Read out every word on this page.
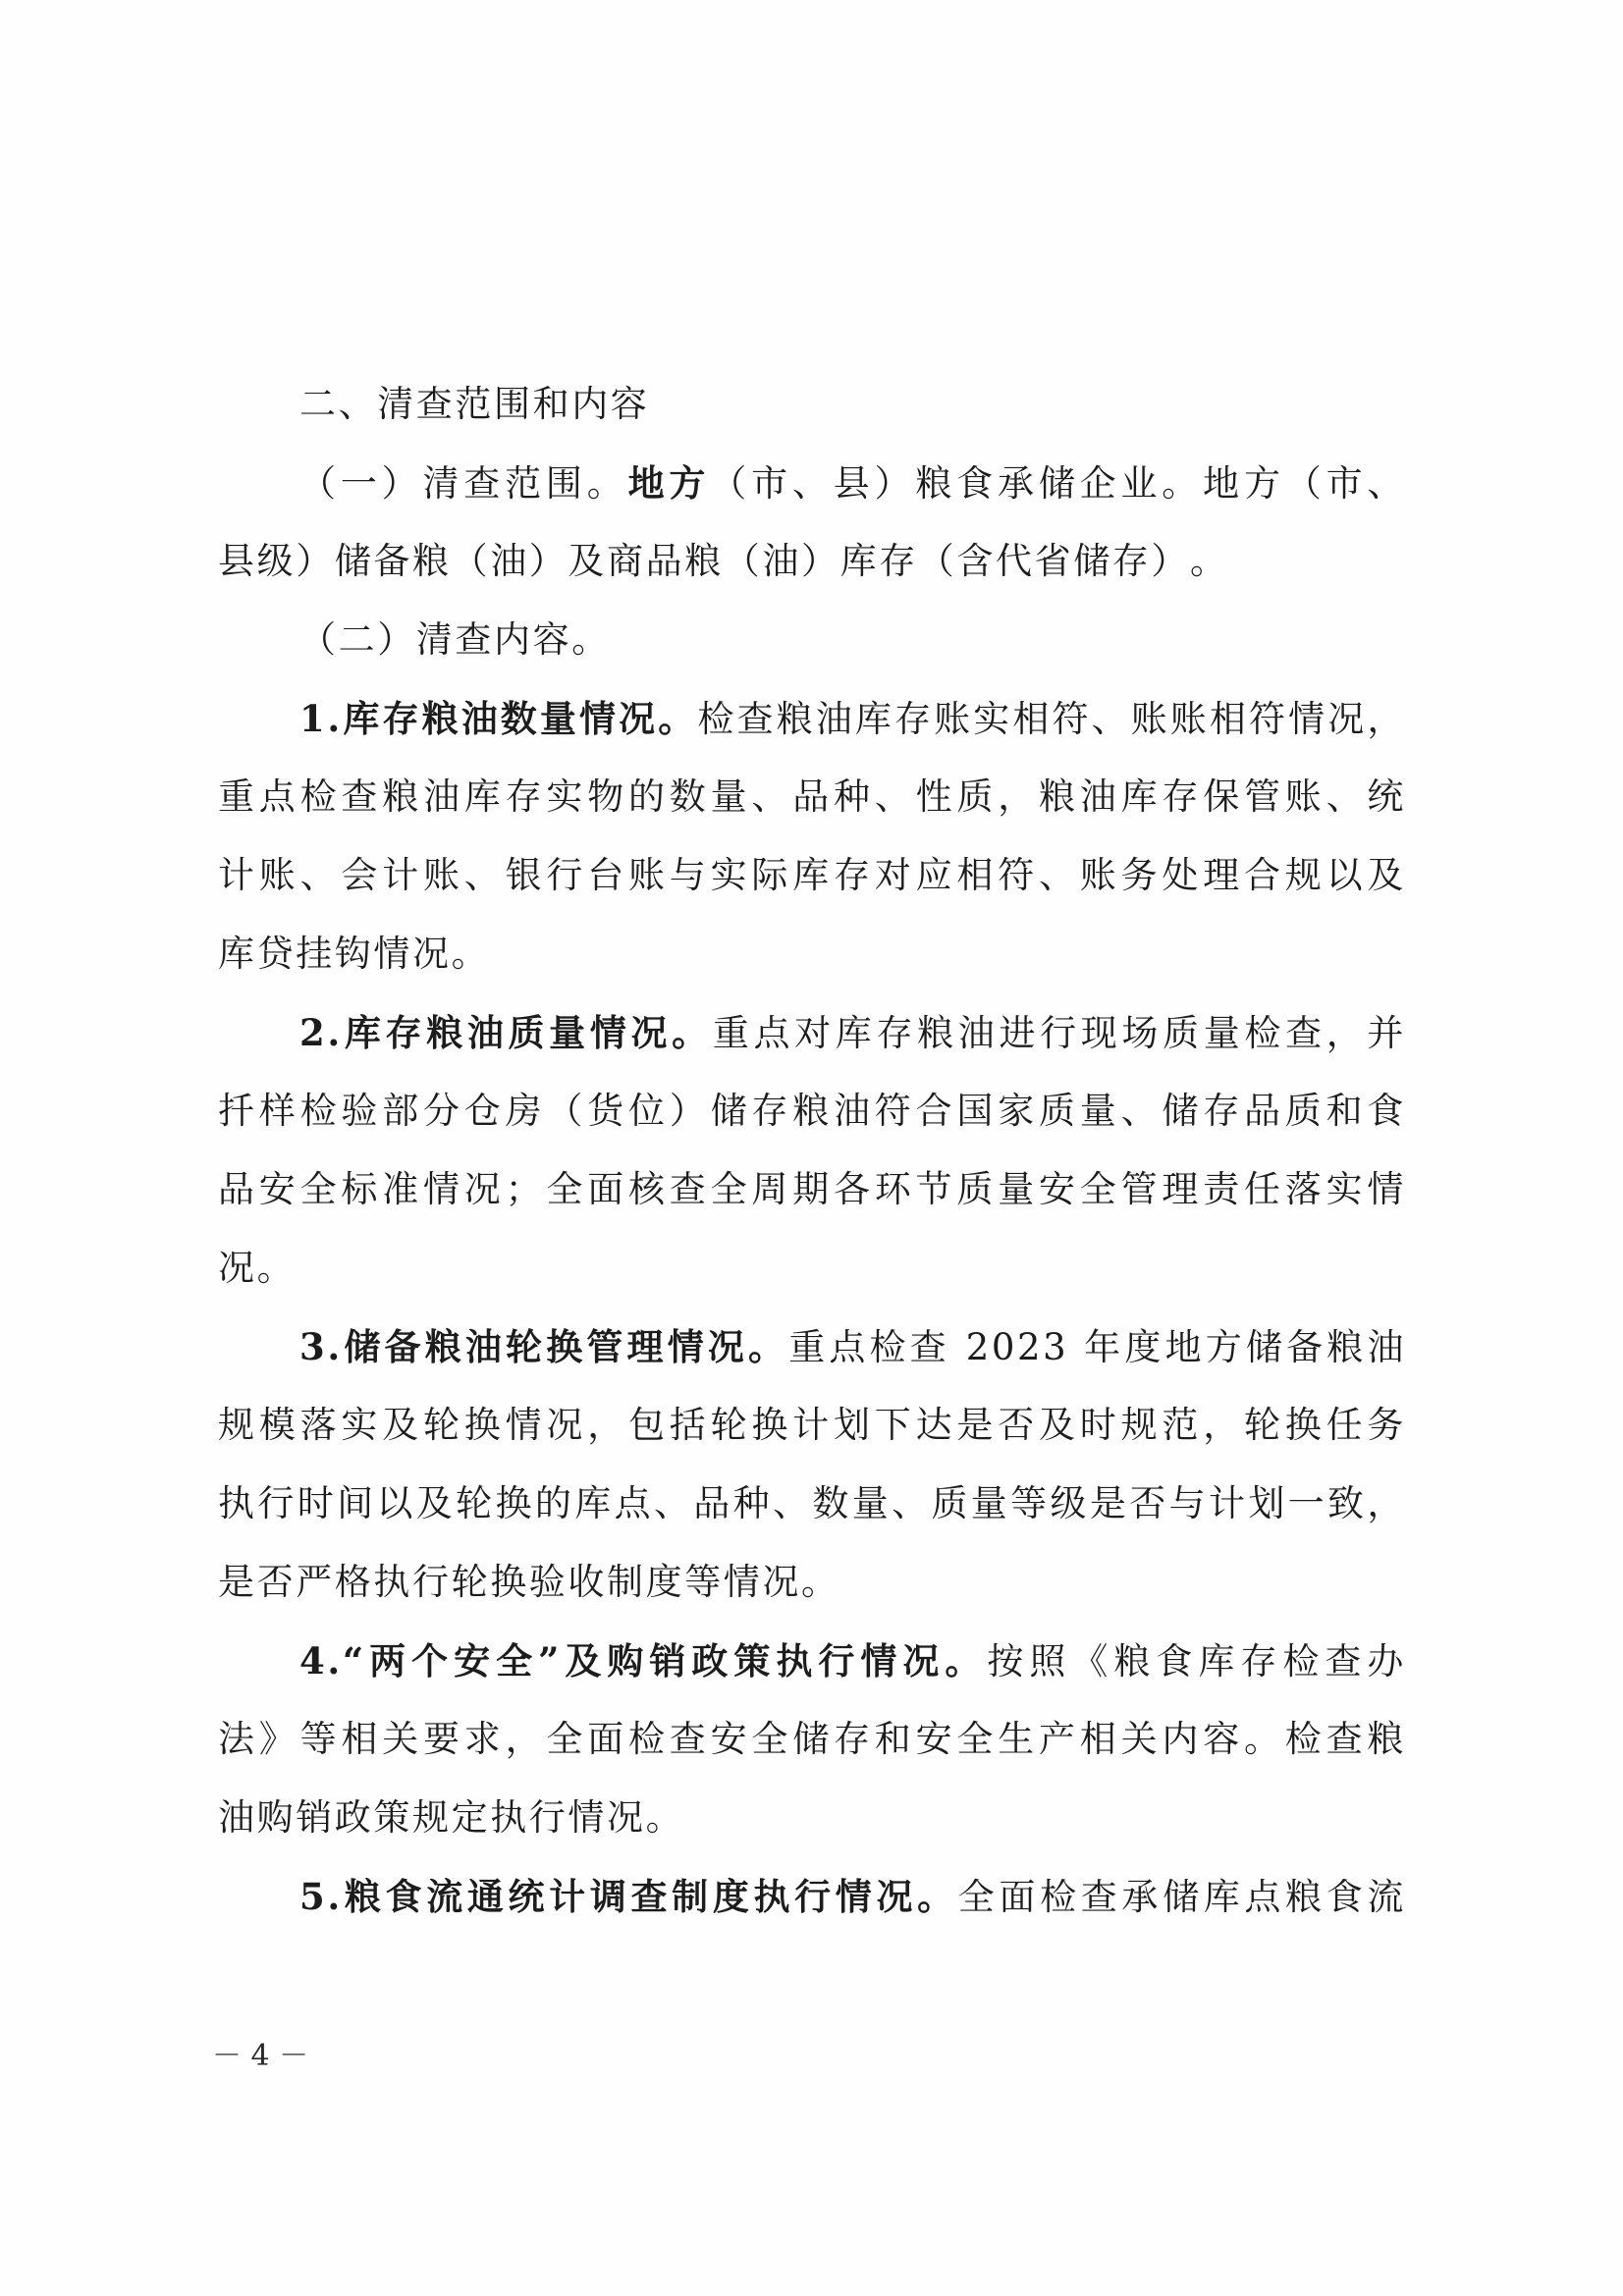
二、清查范围和内容
（一）清查范围。地方（市、县）粮食承储企业。地方（市、
县级）储备粮（油）及商品粮（油）库存（含代省储存）。
（二）清查内容。
1.库存粮油数量情况。检查粮油库存账实相符、账账相符情况，
重点检查粮油库存实物的数量、品种、性质，粮油库存保管账、统
计账、会计账、银行台账与实际库存对应相符、账务处理合规以及
库贷挂钩情况。
2.库存粮油质量情况。重点对库存粮油进行现场质量检查，并
扦样检验部分仓房（货位）储存粮油符合国家质量、储存品质和食
品安全标准情况；全面核查全周期各环节质量安全管理责任落实情
况。
3.储备粮油轮换管理情况。重点检查 2023 年度地方储备粮油
规模落实及轮换情况，包括轮换计划下达是否及时规范，轮换任务
执行时间以及轮换的库点、品种、数量、质量等级是否与计划一致，
是否严格执行轮换验收制度等情况。
4.“两个安全”及购销政策执行情况。按照《粮食库存检查办
法》等相关要求，全面检查安全储存和安全生产相关内容。检查粮
油购销政策规定执行情况。
5.粮食流通统计调查制度执行情况。全面检查承储库点粮食流
－ 4 －
